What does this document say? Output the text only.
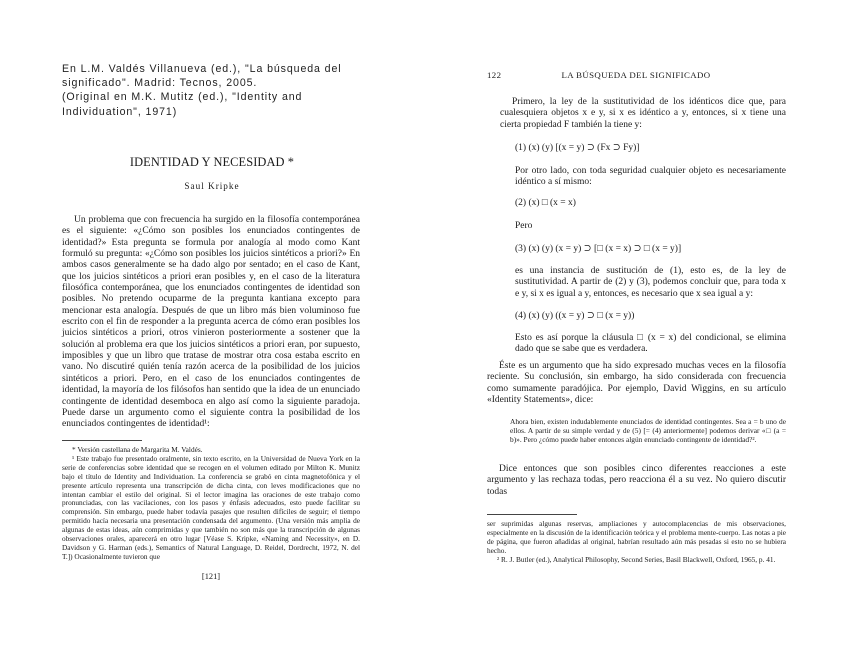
En L.M. Valdés Villanueva (ed.), "La búsqueda del
significado". Madrid: Tecnos, 2005.
(Original en M.K. Mutitz (ed.), "Identity and
Individuation", 1971)
IDENTIDAD Y NECESIDAD *
Saul Kripke

Un problema que con frecuencia ha surgido en la filosofía contemporánea es el siguiente: «¿Cómo son posibles los enunciados contingentes de identidad?» Esta pregunta se formula por analogía al modo como Kant formuló su pregunta: «¿Cómo son posibles los juicios sintéticos a priori?» En ambos casos generalmente se ha dado algo por sentado; en el caso de Kant, que los juicios sintéticos a priori eran posibles y, en el caso de la literatura filosófica contemporánea, que los enunciados contingentes de identidad son posibles. No pretendo ocuparme de la pregunta kantiana excepto para mencionar esta analogía. Después de que un libro más bien voluminoso fue escrito con el fin de responder a la pregunta acerca de cómo eran posibles los juicios sintéticos a priori, otros vinieron posteriormente a sostener que la solución al problema era que los juicios sintéticos a priori eran, por supuesto, imposibles y que un libro que tratase de mostrar otra cosa estaba escrito en vano. No discutiré quién tenía razón acerca de la posibilidad de los juicios sintéticos a priori. Pero, en el caso de los enunciados contingentes de identidad, la mayoría de los filósofos han sentido que la idea de un enunciado contingente de identidad desemboca en algo así como la siguiente paradoja. Puede darse un argumento como el siguiente contra la posibilidad de los enunciados contingentes de identidad¹:

* Versión castellana de Margarita M. Valdés.

¹ Este trabajo fue presentado oralmente, sin texto escrito, en la Universidad de Nueva York en la serie de conferencias sobre identidad que se recogen en el volumen editado por Milton K. Munitz bajo el título de Identity and Individuation. La conferencia se grabó en cinta magnetofónica y el presente artículo representa una transcripción de dicha cinta, con leves modificaciones que no intentan cambiar el estilo del original. Si el lector imagina las oraciones de este trabajo como pronunciadas, con las vacilaciones, con los pasos y énfasis adecuados, esto puede facilitar su comprensión. Sin embargo, puede haber todavía pasajes que resulten difíciles de seguir; el tiempo permitido hacía necesaria una presentación condensada del argumento. (Una versión más amplia de algunas de estas ideas, aún comprimidas y que también no son más que la transcripción de algunas observaciones orales, aparecerá en otro lugar [Véase S. Kripke, «Naming and Necessity», en D. Davidson y G. Harman (eds.), Semantics of Natural Language, D. Reidel, Dordrecht, 1972, N. del T.]) Ocasionalmente tuvieron que

[121]
122	LA BÚSQUEDA DEL SIGNIFICADO
Primero, la ley de la sustitutividad de los idénticos dice que, para cualesquiera objetos x e y, si x es idéntico a y, entonces, si x tiene una cierta propiedad F también la tiene y:
(1) (x) (y) [(x = y) ⊃ (Fx ⊃ Fy)]
Por otro lado, con toda seguridad cualquier objeto es necesariamente idéntico a sí mismo:
(2) (x) □ (x = x)
Pero
(3) (x) (y) (x = y) ⊃ [□ (x = x) ⊃ □ (x = y)]
es una instancia de sustitución de (1), esto es, de la ley de sustitutividad. A partir de (2) y (3), podemos concluir que, para toda x e y, si x es igual a y, entonces, es necesario que x sea igual a y:
(4) (x) (y) ((x = y) ⊃ □ (x = y))
Esto es así porque la cláusula □ (x = x) del condicional, se elimina dado que se sabe que es verdadera.
Éste es un argumento que ha sido expresado muchas veces en la filosofía reciente. Su conclusión, sin embargo, ha sido considerada con frecuencia como sumamente paradójica. Por ejemplo, David Wiggins, en su artículo «Identity Statements», dice:
Ahora bien, existen indudablemente enunciados de identidad contingentes. Sea a = b uno de ellos. A partir de su simple verdad y de (5) [= (4) anteriormente] podemos derivar «□ (a = b)». Pero ¿cómo puede haber entonces algún enunciado contingente de identidad?².
Dice entonces que son posibles cinco diferentes reacciones a este argumento y las rechaza todas, pero reacciona él a su vez. No quiero discutir todas

ser suprimidas algunas reservas, ampliaciones y autocomplacencias de mis observaciones, especialmente en la discusión de la identificación teórica y el problema mente-cuerpo. Las notas a pie de página, que fueron añadidas al original, habrían resultado aún más pesadas si esto no se hubiera hecho.

² R. J. Butler (ed.), Analytical Philosophy, Second Series, Basil Blackwell, Oxford, 1965, p. 41.
